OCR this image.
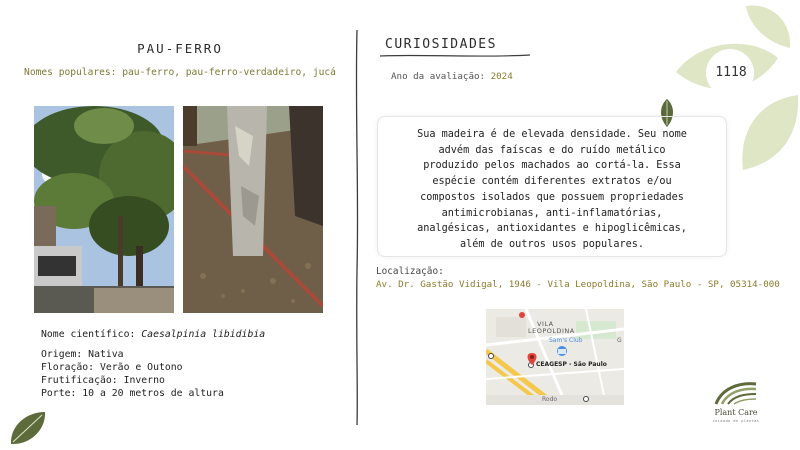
1118
PAU-FERRO
Nomes populares: pau-ferro, pau-ferro-verdadeiro, jucá
Nome científico: Caesalpinia libidibia
Origem: Nativa
Floração: Verão e Outono
Frutificação: Inverno
Porte: 10 a 20 metros de altura
CURIOSIDADES
Ano da avaliação: 2024
Sua madeira é de elevada densidade. Seu nome
advém das faíscas e do ruído metálico
produzido pelos machados ao cortá-la. Essa
espécie contém diferentes extratos e/ou
compostos isolados que possuem propriedades
antimicrobianas, anti-inflamatórias,
analgésicas, antioxidantes e hipoglicêmicas,
além de outros usos populares.
Localização:
Av. Dr. Gastão Vidigal, 1946 - Vila Leopoldina, São Paulo - SP, 05314-000
VILA
LEOPOLDINA
Sam's Club
CEAGESP - São Paulo
Rodo
G
Plant Care
cuidado de plantas
